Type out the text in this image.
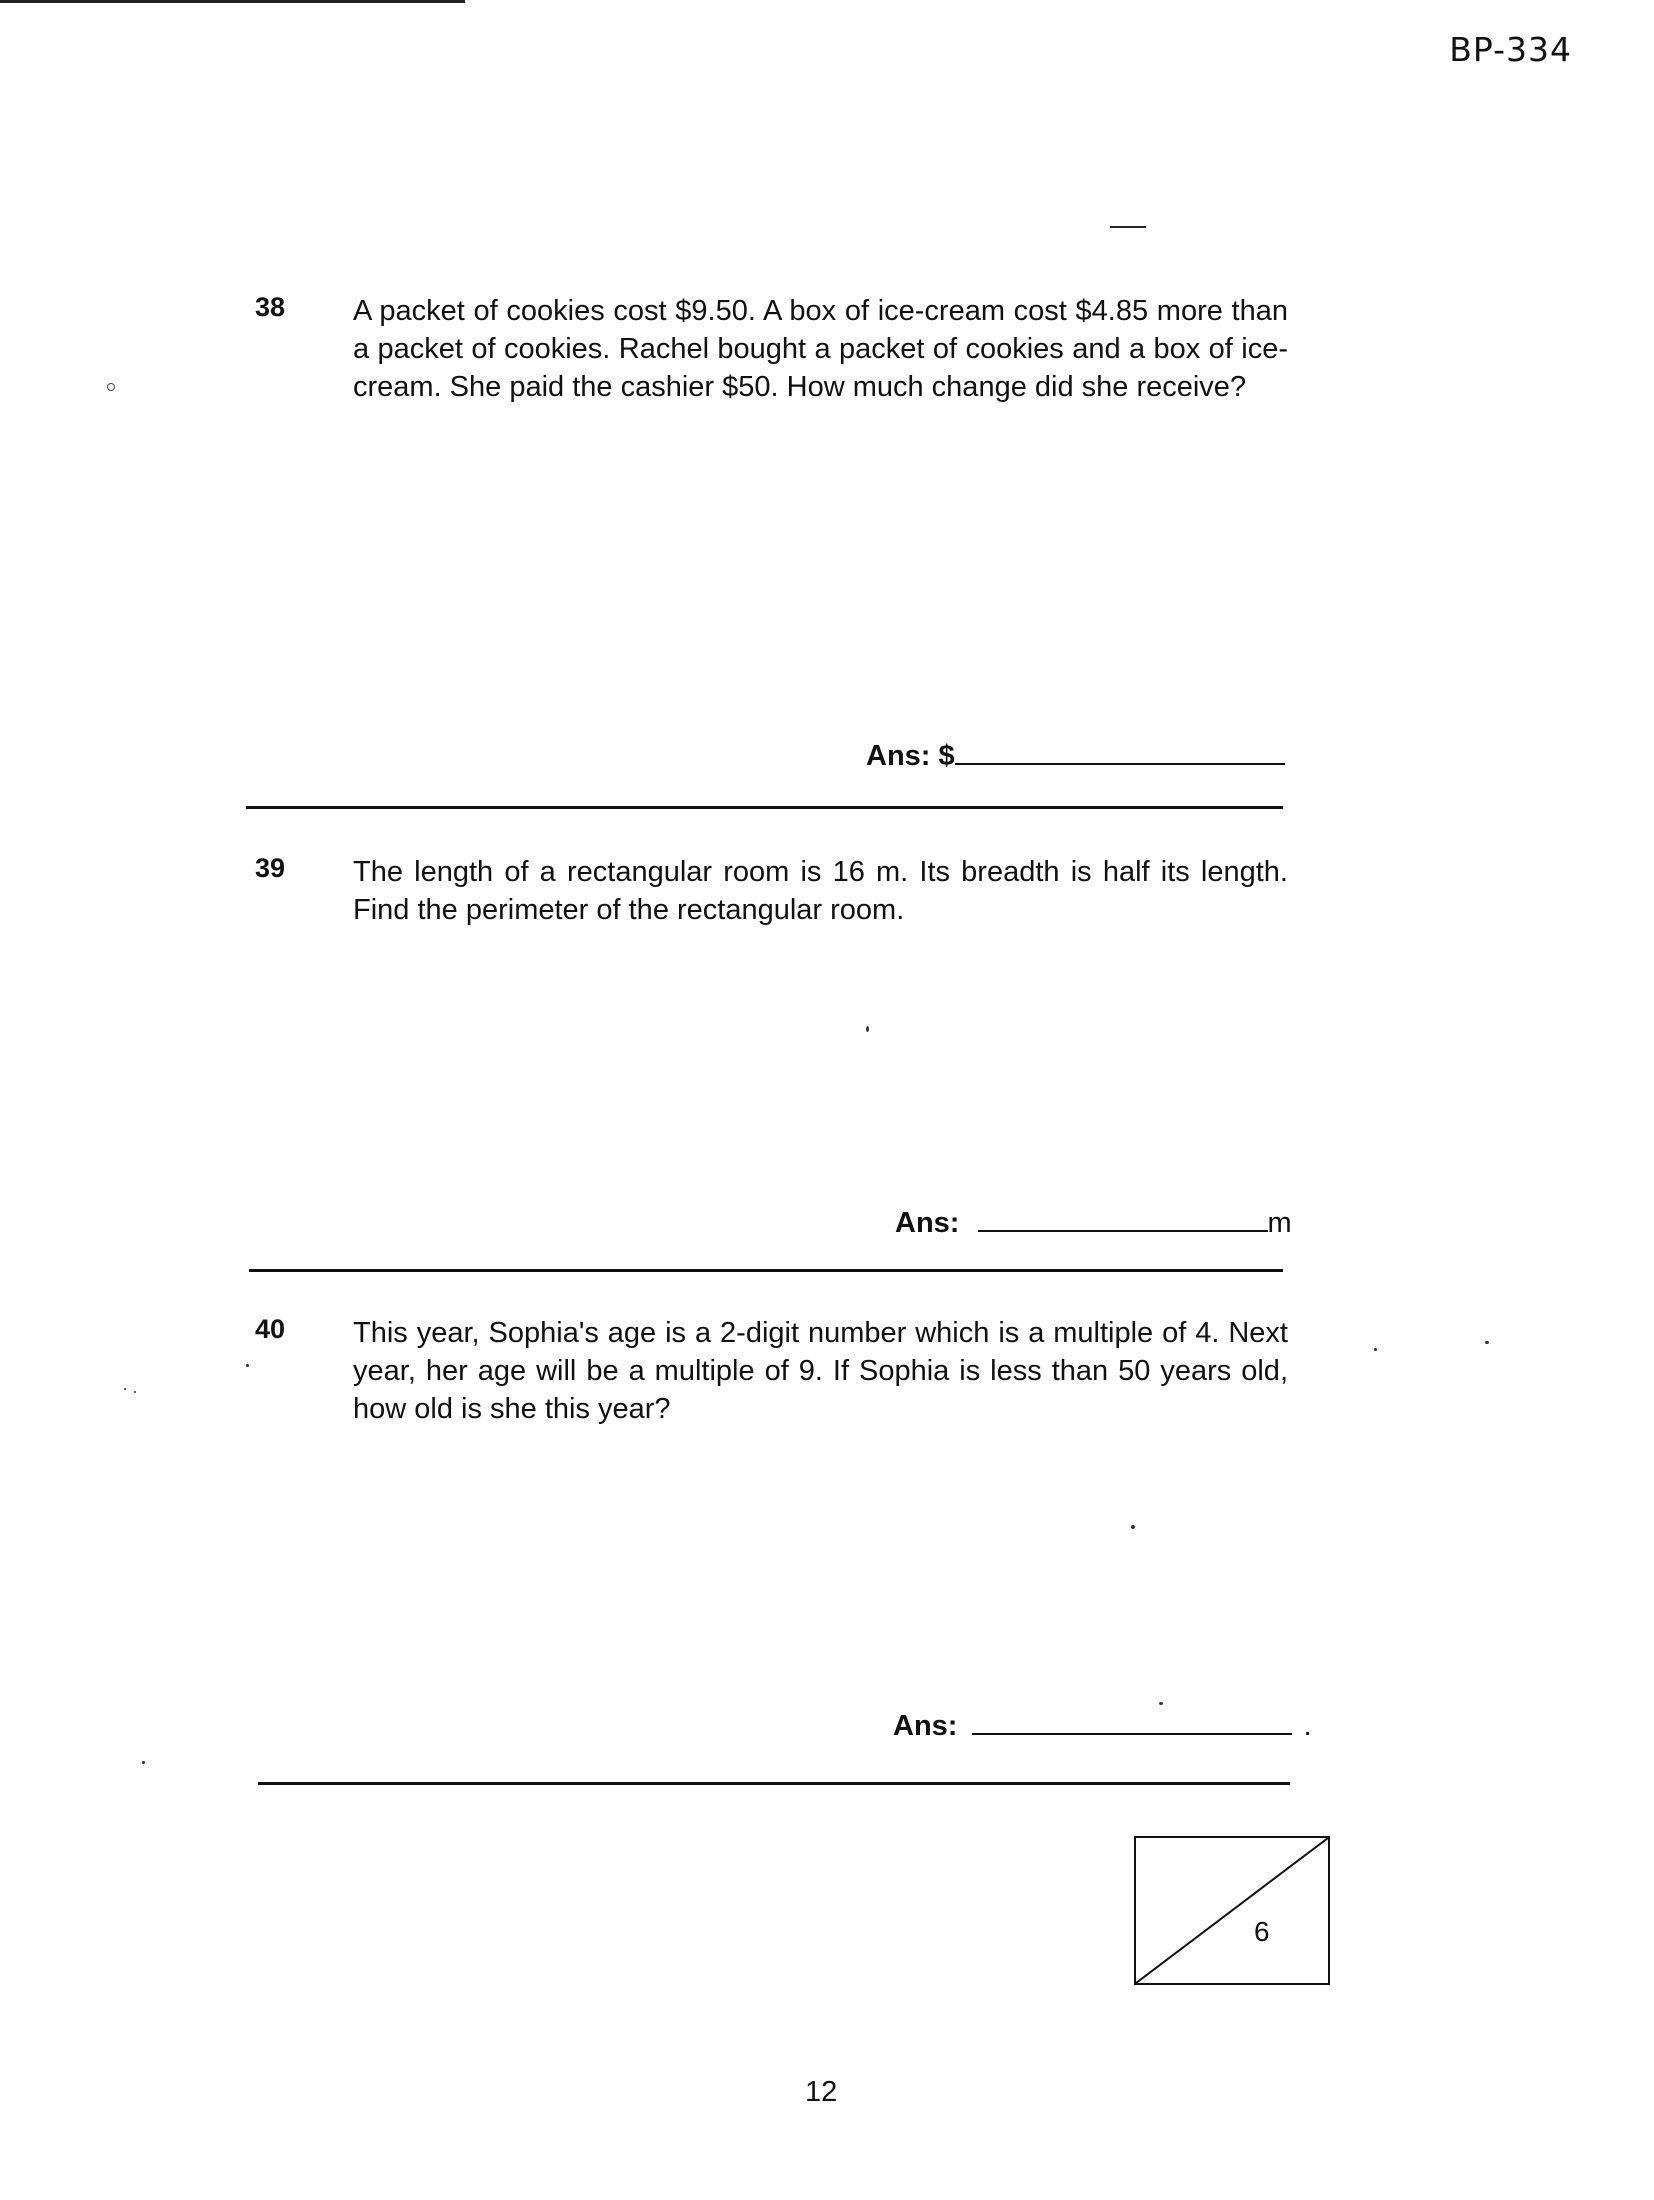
BP-334
38 A packet of cookies cost $9.50. A box of ice-cream cost $4.85 more than a packet of cookies. Rachel bought a packet of cookies and a box of ice-cream. She paid the cashier $50. How much change did she receive?
Ans: $
39 The length of a rectangular room is 16 m. Its breadth is half its length. Find the perimeter of the rectangular room.
Ans:	m
40 This year, Sophia's age is a 2-digit number which is a multiple of 4. Next year, her age will be a multiple of 9. If Sophia is less than 50 years old, how old is she this year?
Ans:	.
6
12
